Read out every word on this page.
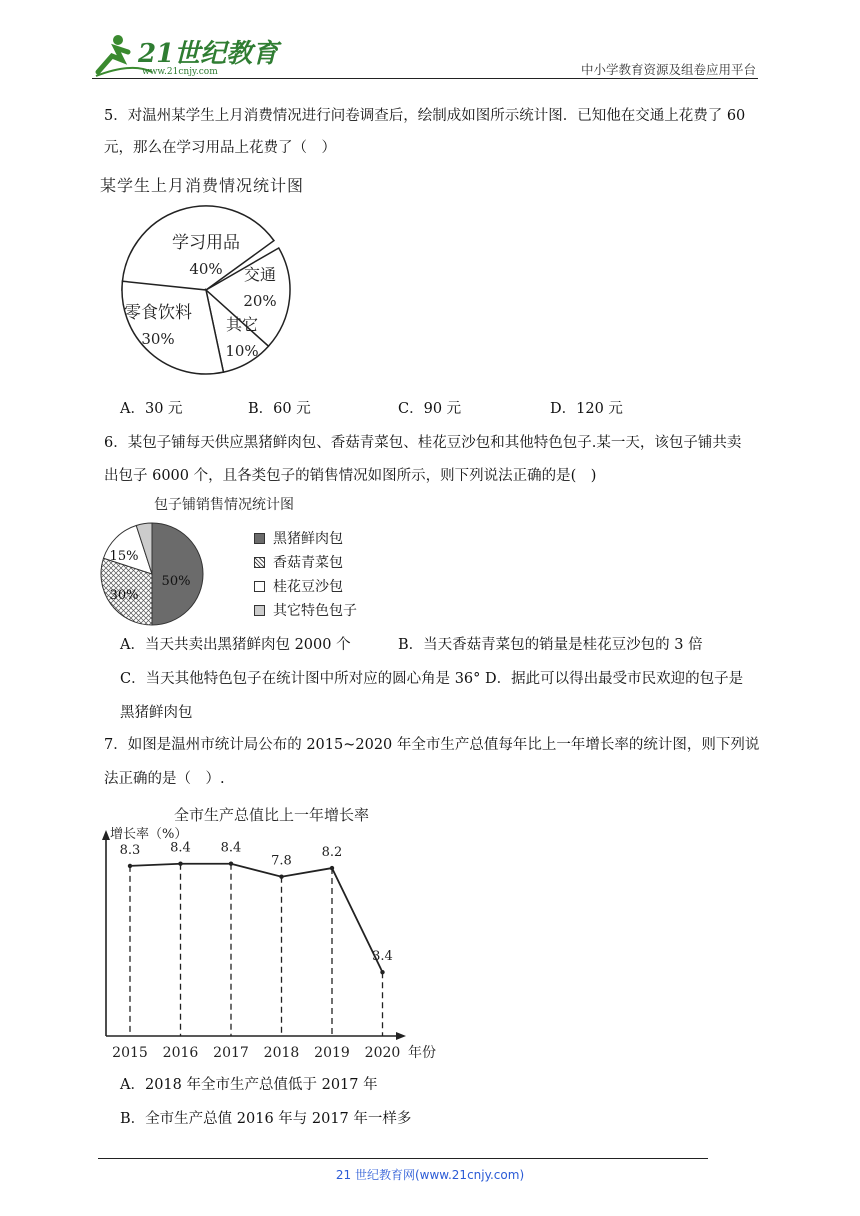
21世纪教育
www.21cnjy.com	中小学教育资源及组卷应用平台
5．对温州某学生上月消费情况进行问卷调查后，绘制成如图所示统计图．已知他在交通上花费了 60
元，那么在学习用品上花费了（　）
某学生上月消费情况统计图
学习用品
40% 交通
20%
其它
10%
零食饮料
30%
A．30 元	B．60 元	C．90 元	D．120 元
6．某包子铺每天供应黑猪鲜肉包、香菇青菜包、桂花豆沙包和其他特色包子.某一天，该包子铺共卖
出包子 6000 个，且各类包子的销售情况如图所示，则下列说法正确的是(　)
包子铺销售情况统计图
50%
30%
15%
黑猪鲜肉包
香菇青菜包
桂花豆沙包
其它特色包子
A．当天共卖出黑猪鲜肉包 2000 个	B．当天香菇青菜包的销量是桂花豆沙包的 3 倍
C．当天其他特色包子在统计图中所对应的圆心角是 36° D．据此可以得出最受市民欢迎的包子是
黑猪鲜肉包
7．如图是温州市统计局公布的 2015~2020 年全市生产总值每年比上一年增长率的统计图，则下列说
法正确的是（　）.
全市生产总值比上一年增长率
增长率（%）
年份
8.3
2015
8.4
2016
8.4
2017
7.8
2018
8.2
2019
3.4
2020
A．2018 年全市生产总值低于 2017 年
B．全市生产总值 2016 年与 2017 年一样多
21 世纪教育网(www.21cnjy.com)
